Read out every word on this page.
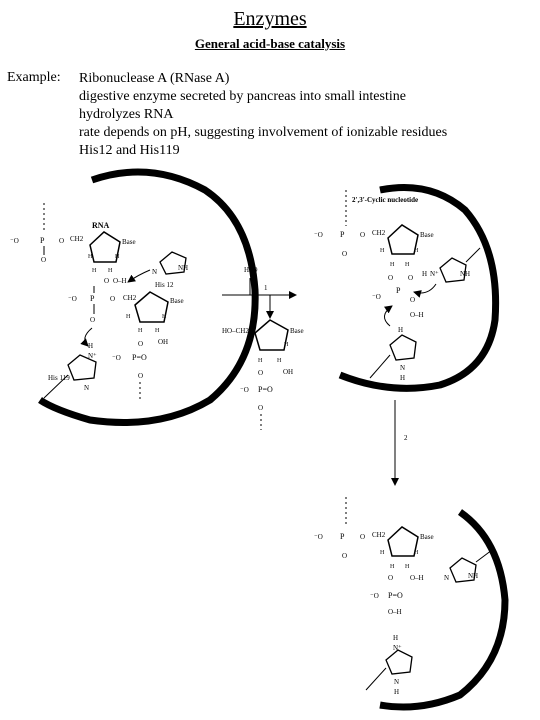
Enzymes
General acid-base catalysis
Example: Ribonuclease A (RNase A)
digestive enzyme secreted by pancreas into small intestine
hydrolyzes RNA
rate depends on pH, suggesting involvement of ionizable residues
His12 and His119
RNA
⁻O	P O CH2
O
Base
H	H
H H
O O–H
N	NH
His 12
⁻O P O CH2
O
Base
H	H
H H
O OH
⁻O P=O
O
N⁺
H
N
His 119
H2O
1
HO–CH2	Base
H	H
H H
O	OH
⁻O P=O
O
2',3'-Cyclic nucleotide
⁻O P O CH2
O
Base
H	H
H H
O O
⁻O
P
O
O–H
H N⁺	NH
H
N
H
2
⁻O P O CH2
O
Base
H	H
H H
O O–H
⁻O P=O
O–H
N	NH
H
N⁺
N
H
